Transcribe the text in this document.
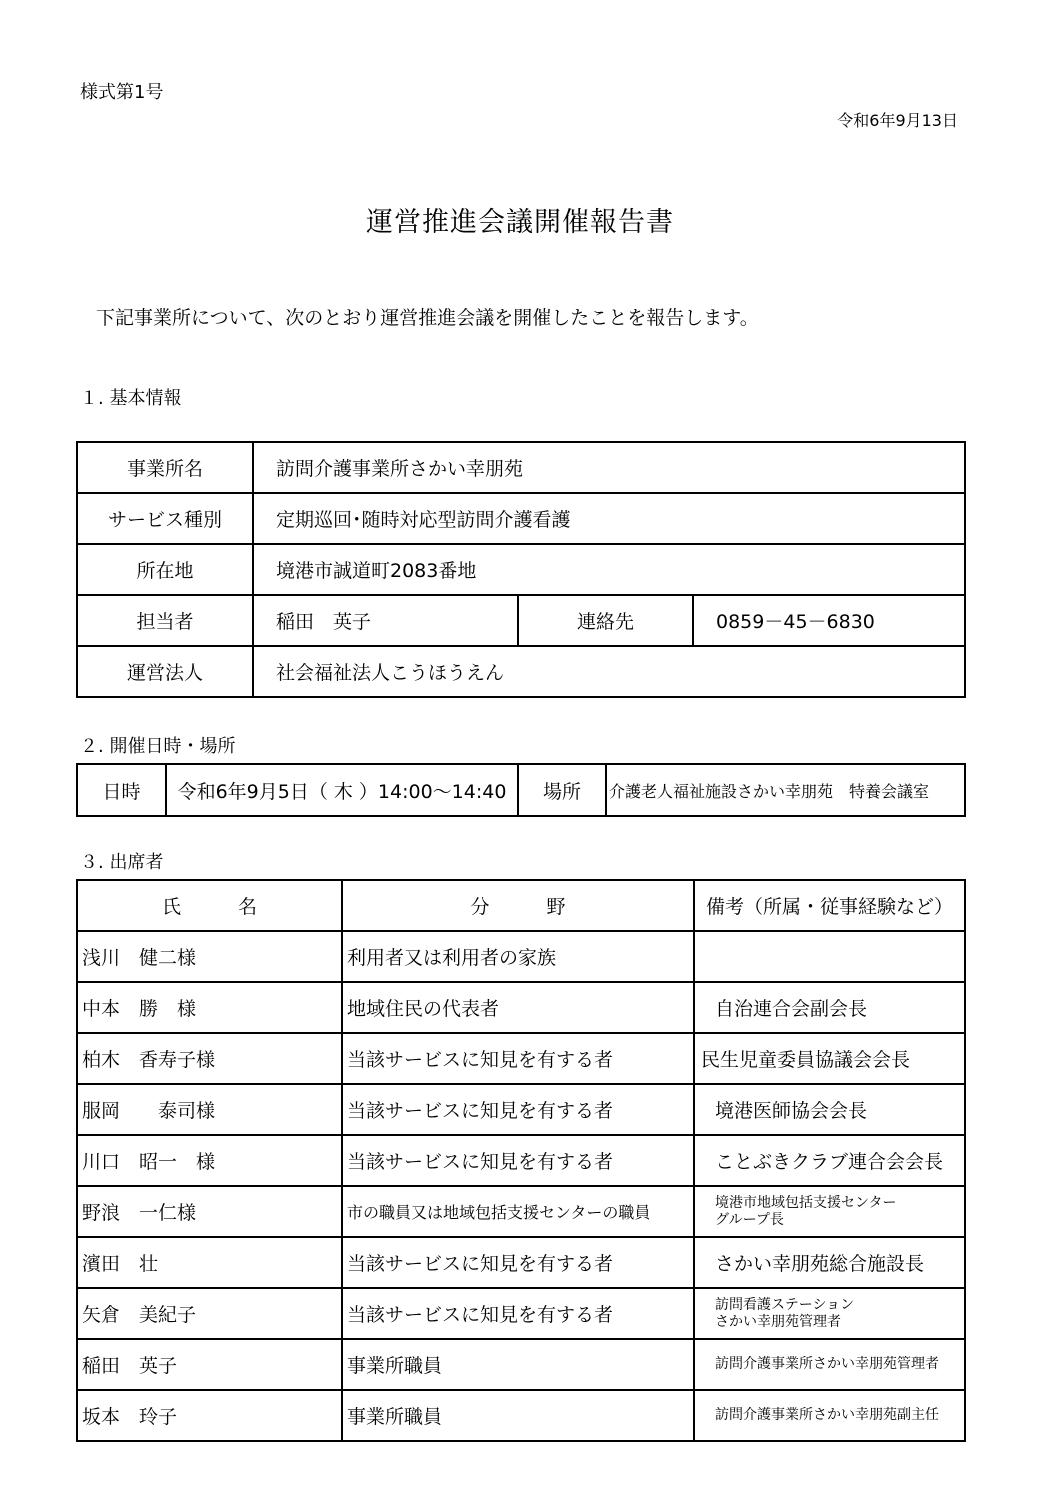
様式第1号
令和6年9月13日
運営推進会議開催報告書
下記事業所について、次のとおり運営推進会議を開催したことを報告します。
１. 基本情報
事業所名	訪問介護事業所さかい幸朋苑		
サービス種別	定期巡回･随時対応型訪問介護看護		
所在地	境港市誠道町2083番地		
担当者	稲田　英子	連絡先	0859－45－6830
運営法人	社会福祉法人こうほうえん		
２. 開催日時・場所
日時	令和6年9月5日（ 木 ）14:00～14:40	場所	介護老人福祉施設さかい幸朋苑　特養会議室
３. 出席者
氏　　　名	分　　　野	備考（所属・従事経験など）
浅川　健二様	利用者又は利用者の家族	
中本　勝　様	地域住民の代表者	自治連合会副会長
柏木　香寿子様	当該サービスに知見を有する者	民生児童委員協議会会長
服岡　　泰司様	当該サービスに知見を有する者	境港医師協会会長
川口　昭一　様	当該サービスに知見を有する者	ことぶきクラブ連合会会長
野浪　一仁様	市の職員又は地域包括支援センターの職員	境港市地域包括支援センター
グループ長

濱田　壮	当該サービスに知見を有する者	さかい幸朋苑総合施設長
矢倉　美紀子	当該サービスに知見を有する者	訪問看護ステーション
さかい幸朋苑管理者

稲田　英子	事業所職員	訪問介護事業所さかい幸朋苑管理者
坂本　玲子	事業所職員	訪問介護事業所さかい幸朋苑副主任
